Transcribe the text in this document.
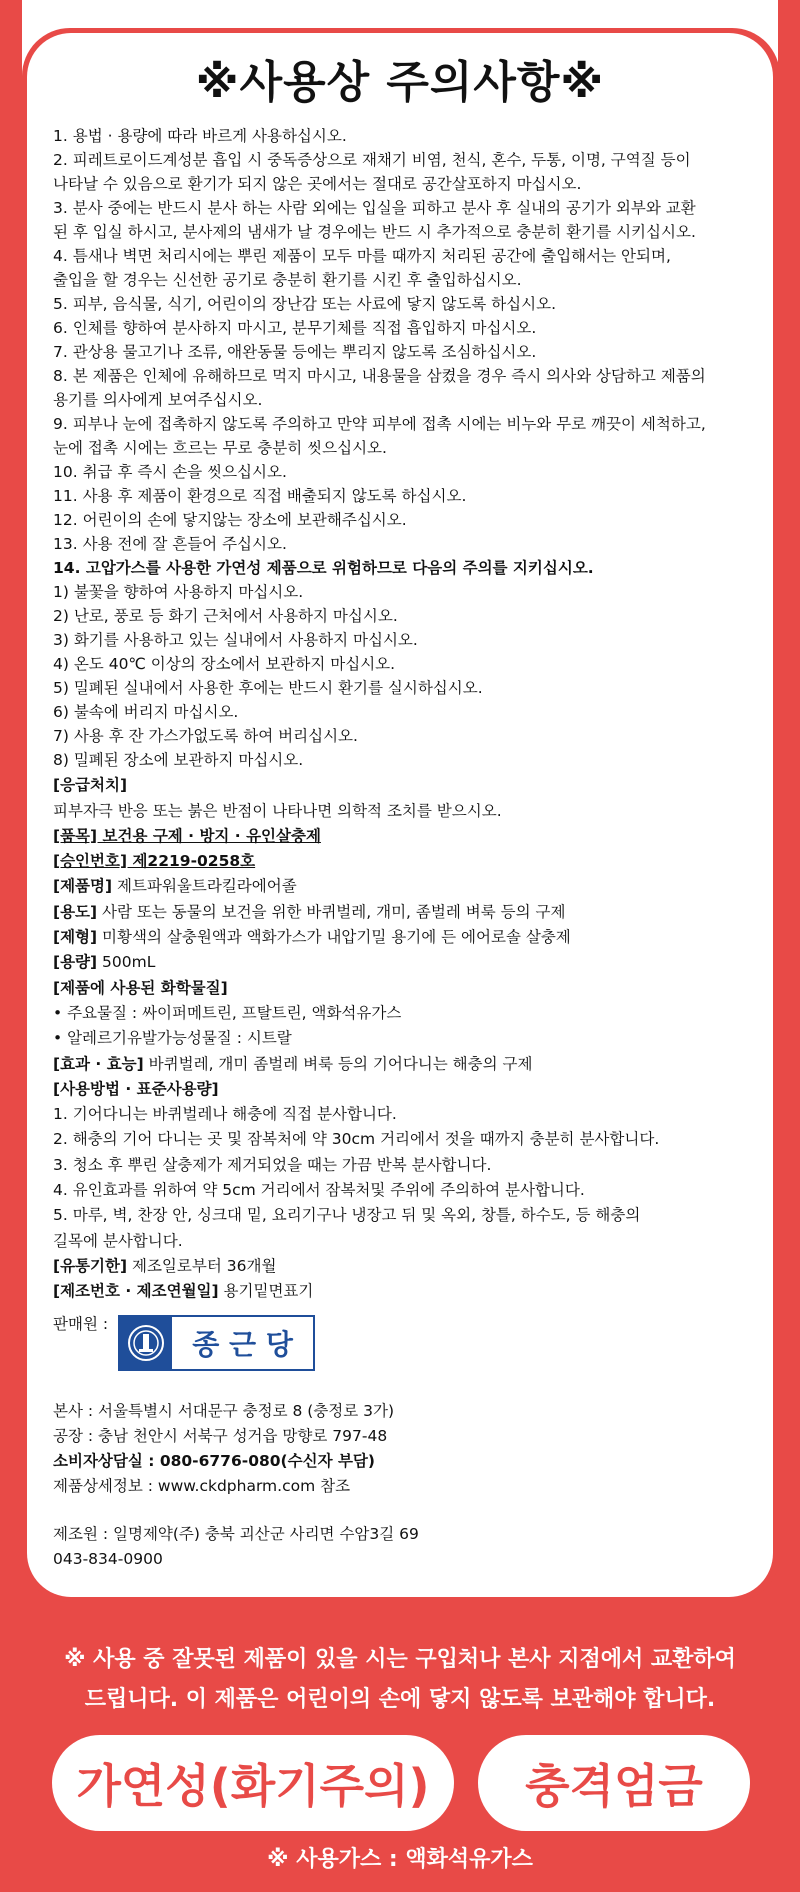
※사용상 주의사항※
1. 용법 · 용량에 따라 바르게 사용하십시오.
2. 피레트로이드계성분 흡입 시 중독증상으로 재채기 비염, 천식, 혼수, 두통, 이명, 구역질 등이
나타날 수 있음으로 환기가 되지 않은 곳에서는 절대로 공간살포하지 마십시오.
3. 분사 중에는 반드시 분사 하는 사람 외에는 입실을 피하고 분사 후 실내의 공기가 외부와 교환
된 후 입실 하시고, 분사제의 냄새가 날 경우에는 반드 시 추가적으로 충분히 환기를 시키십시오.
4. 틈새나 벽면 처리시에는 뿌린 제품이 모두 마를 때까지 처리된 공간에 출입해서는 안되며,
출입을 할 경우는 신선한 공기로 충분히 환기를 시킨 후 출입하십시오.
5. 피부, 음식물, 식기, 어린이의 장난감 또는 사료에 닿지 않도록 하십시오.
6. 인체를 향하여 분사하지 마시고, 분무기체를 직접 흡입하지 마십시오.
7. 관상용 물고기나 조류, 애완동물 등에는 뿌리지 않도록 조심하십시오.
8. 본 제품은 인체에 유해하므로 먹지 마시고, 내용물을 삼켰을 경우 즉시 의사와 상담하고 제품의
용기를 의사에게 보여주십시오.
9. 피부나 눈에 접촉하지 않도록 주의하고 만약 피부에 접촉 시에는 비누와 무로 깨끗이 세척하고,
눈에 접촉 시에는 흐르는 무로 충분히 씻으십시오.
10. 취급 후 즉시 손을 씻으십시오.
11. 사용 후 제품이 환경으로 직접 배출되지 않도록 하십시오.
12. 어린이의 손에 닿지않는 장소에 보관해주십시오.
13. 사용 전에 잘 흔들어 주십시오.
14. 고압가스를 사용한 가연성 제품으로 위험하므로 다음의 주의를 지키십시오.
1) 불꽃을 향하여 사용하지 마십시오.
2) 난로, 풍로 등 화기 근처에서 사용하지 마십시오.
3) 화기를 사용하고 있는 실내에서 사용하지 마십시오.
4) 온도 40℃ 이상의 장소에서 보관하지 마십시오.
5) 밀폐된 실내에서 사용한 후에는 반드시 환기를 실시하십시오.
6) 불속에 버리지 마십시오.
7) 사용 후 잔 가스가없도록 하여 버리십시오.
8) 밀폐된 장소에 보관하지 마십시오.
[응급처치]
피부자극 반응 또는 붉은 반점이 나타나면 의학적 조치를 받으시오.
[품목] 보건용 구제 · 방지 · 유인살충제
[승인번호] 제2219-0258호
[제품명] 제트파워울트라킬라에어졸
[용도] 사람 또는 동물의 보건을 위한 바퀴벌레, 개미, 좀벌레 벼룩 등의 구제
[제형] 미황색의 살충원액과 액화가스가 내압기밀 용기에 든 에어로솔 살충제
[용량] 500mL
[제품에 사용된 화학물질]
• 주요물질 : 싸이퍼메트린, 프탈트린, 액화석유가스
• 알레르기유발가능성물질 : 시트랄
[효과 · 효능] 바퀴벌레, 개미 좀벌레 벼룩 등의 기어다니는 해충의 구제
[사용방법 · 표준사용량]
1. 기어다니는 바퀴벌레나 해충에 직접 분사합니다.
2. 해충의 기어 다니는 곳 및 잠복처에 약 30cm 거리에서 젓을 때까지 충분히 분사합니다.
3. 청소 후 뿌린 살충제가 제거되었을 때는 가끔 반복 분사합니다.
4. 유인효과를 위하여 약 5cm 거리에서 잠복처및 주위에 주의하여 분사합니다.
5. 마루, 벽, 찬장 안, 싱크대 밑, 요리기구나 냉장고 뒤 및 옥외, 창틀, 하수도, 등 해충의
길목에 분사합니다.
[유통기한] 제조일로부터 36개월
[제조번호 · 제조연월일] 용기밑면표기
판매원 :
종 근 당
본사 : 서울특별시 서대문구 충정로 8 (충정로 3가)
공장 : 충남 천안시 서북구 성거읍 망향로 797-48
소비자상담실 : 080-6776-080(수신자 부담)
제품상세정보 : www.ckdpharm.com 참조
제조원 : 일명제약(주) 충북 괴산군 사리면 수암3길 69
043-834-0900
※ 사용 중 잘못된 제품이 있을 시는 구입처나 본사 지점에서 교환하여
드립니다. 이 제품은 어린이의 손에 닿지 않도록 보관해야 합니다.
가연성(화기주의)	충격엄금
※ 사용가스 : 액화석유가스
